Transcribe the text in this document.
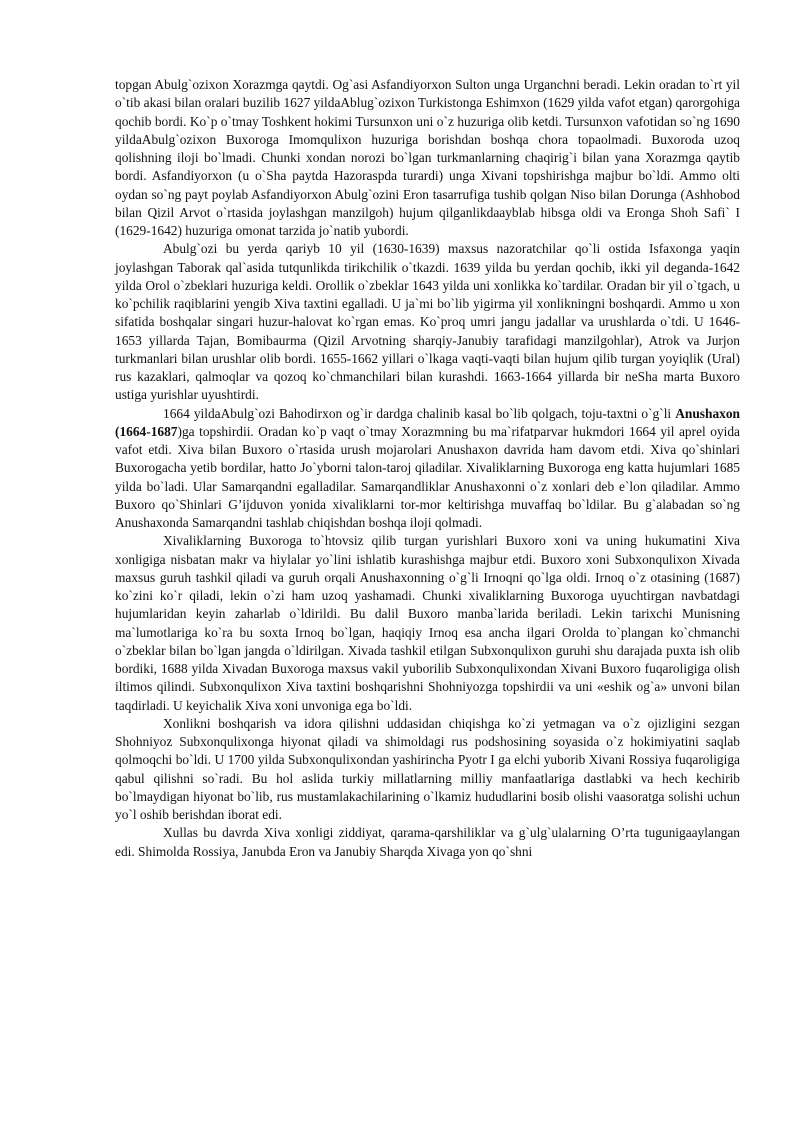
topgan Abulg`ozixon Xorazmga qaytdi. Og`asi Asfandiyorxon Sulton unga Urganchni beradi. Lekin oradan to`rt yil o`tib akasi bilan oralari buzilib 1627 yildaAblug`ozixon Turkistonga Eshimxon (1629 yilda vafot etgan) qarorgohiga qochib bordi. Ko`p o`tmay Toshkent hokimi Tursunxon uni o`z huzuriga olib ketdi. Tursunxon vafotidan so`ng 1690 yildaAbulg`ozixon Buxoroga Imomqulixon huzuriga borishdan boshqa chora topaolmadi. Buxoroda uzoq qolishning iloji bo`lmadi. Chunki xondan norozi bo`lgan turkmanlarning chaqirig`i bilan yana Xorazmga qaytib bordi. Asfandiyorxon (u o`Sha paytda Hazoraspda turardi) unga Xivani topshirishga majbur bo`ldi. Ammo olti oydan so`ng payt poylab Asfandiyorxon Abulg`ozini Eron tasarrufiga tushib qolgan Niso bilan Dorunga (Ashhobod bilan Qizil Arvot o`rtasida joylashgan manzilgoh) hujum qilganlikdaayblab hibsga oldi va Eronga Shoh Safi` I (1629-1642) huzuriga omonat tarzida jo`natib yubordi.

Abulg`ozi bu yerda qariyb 10 yil (1630-1639) maxsus nazoratchilar qo`li ostida Isfaxonga yaqin joylashgan Taborak qal`asida tutqunlikda tirikchilik o`tkazdi. 1639 yilda bu yerdan qochib, ikki yil deganda-1642 yilda Orol o`zbeklari huzuriga keldi. Orollik o`zbeklar 1643 yilda uni xonlikka ko`tardilar. Oradan bir yil o`tgach, u ko`pchilik raqiblarini yengib Xiva taxtini egalladi. U ja`mi bo`lib yigirma yil xonlikningni boshqardi. Ammo u xon sifatida boshqalar singari huzur-halovat ko`rgan emas. Ko`proq umri jangu jadallar va urushlarda o`tdi. U 1646-1653 yillarda Tajan, Bomibaurma (Qizil Arvotning sharqiy-Janubiy tarafidagi manzilgohlar), Atrok va Jurjon turkmanlari bilan urushlar olib bordi. 1655-1662 yillari o`lkaga vaqti-vaqti bilan hujum qilib turgan yoyiqlik (Ural) rus kazaklari, qalmoqlar va qozoq ko`chmanchilari bilan kurashdi. 1663-1664 yillarda bir neSha marta Buxoro ustiga yurishlar uyushtirdi.

1664 yildaAbulg`ozi Bahodirxon og`ir dardga chalinib kasal bo`lib qolgach, toju-taxtni o`g`li Anushaxon (1664-1687)ga topshirdii. Oradan ko`p vaqt o`tmay Xorazmning bu ma`rifatparvar hukmdori 1664 yil aprel oyida vafot etdi. Xiva bilan Buxoro o`rtasida urush mojarolari Anushaxon davrida ham davom etdi. Xiva qo`shinlari Buxorogacha yetib bordilar, hatto Jo`yborni talon-taroj qiladilar. Xivaliklarning Buxoroga eng katta hujumlari 1685 yilda bo`ladi. Ular Samarqandni egalladilar. Samarqandliklar Anushaxonni o`z xonlari deb e`lon qiladilar. Ammo Buxoro qo`Shinlari G’ijduvon yonida xivaliklarni tor-mor keltirishga muvaffaq bo`ldilar. Bu g`alabadan so`ng Anushaxonda Samarqandni tashlab chiqishdan boshqa iloji qolmadi.

Xivaliklarning Buxoroga to`htovsiz qilib turgan yurishlari Buxoro xoni va uning hukumatini Xiva xonligiga nisbatan makr va hiylalar yo`lini ishlatib kurashishga majbur etdi. Buxoro xoni Subxonqulixon Xivada maxsus guruh tashkil qiladi va guruh orqali Anushaxonning o`g`li Irnoqni qo`lga oldi. Irnoq o`z otasining (1687) ko`zini ko`r qiladi, lekin o`zi ham uzoq yashamadi. Chunki xivaliklarning Buxoroga uyuchtirgan navbatdagi hujumlaridan keyin zaharlab o`ldirildi. Bu dalil Buxoro manba`larida beriladi. Lekin tarixchi Munisning ma`lumotlariga ko`ra bu soxta Irnoq bo`lgan, haqiqiy Irnoq esa ancha ilgari Orolda to`plangan ko`chmanchi o`zbeklar bilan bo`lgan jangda o`ldirilgan. Xivada tashkil etilgan Subxonqulixon guruhi shu darajada puxta ish olib bordiki, 1688 yilda Xivadan Buxoroga maxsus vakil yuborilib Subxonqulixondan Xivani Buxoro fuqaroligiga olish iltimos qilindi. Subxonqulixon Xiva taxtini boshqarishni Shohniyozga topshirdii va uni «eshik og`a» unvoni bilan taqdirladi. U keyichalik Xiva xoni unvoniga ega bo`ldi.

Xonlikni boshqarish va idora qilishni uddasidan chiqishga ko`zi yetmagan va o`z ojizligini sezgan Shohniyoz Subxonqulixonga hiyonat qiladi va shimoldagi rus podshosining soyasida o`z hokimiyatini saqlab qolmoqchi bo`ldi. U 1700 yilda Subxonqulixondan yashirincha Pyotr I ga elchi yuborib Xivani Rossiya fuqaroligiga qabul qilishni so`radi. Bu hol aslida turkiy millatlarning milliy manfaatlariga dastlabki va hech kechirib bo`lmaydigan hiyonat bo`lib, rus mustamlakachilarining o`lkamiz hududlarini bosib olishi vaasoratga solishi uchun yo`l oshib berishdan iborat edi.

Xullas bu davrda Xiva xonligi ziddiyat, qarama-qarshiliklar va g`ulg`ulalarning O’rta tugunigaaylangan edi. Shimolda Rossiya, Janubda Eron va Janubiy Sharqda Xivaga yon qo`shni
